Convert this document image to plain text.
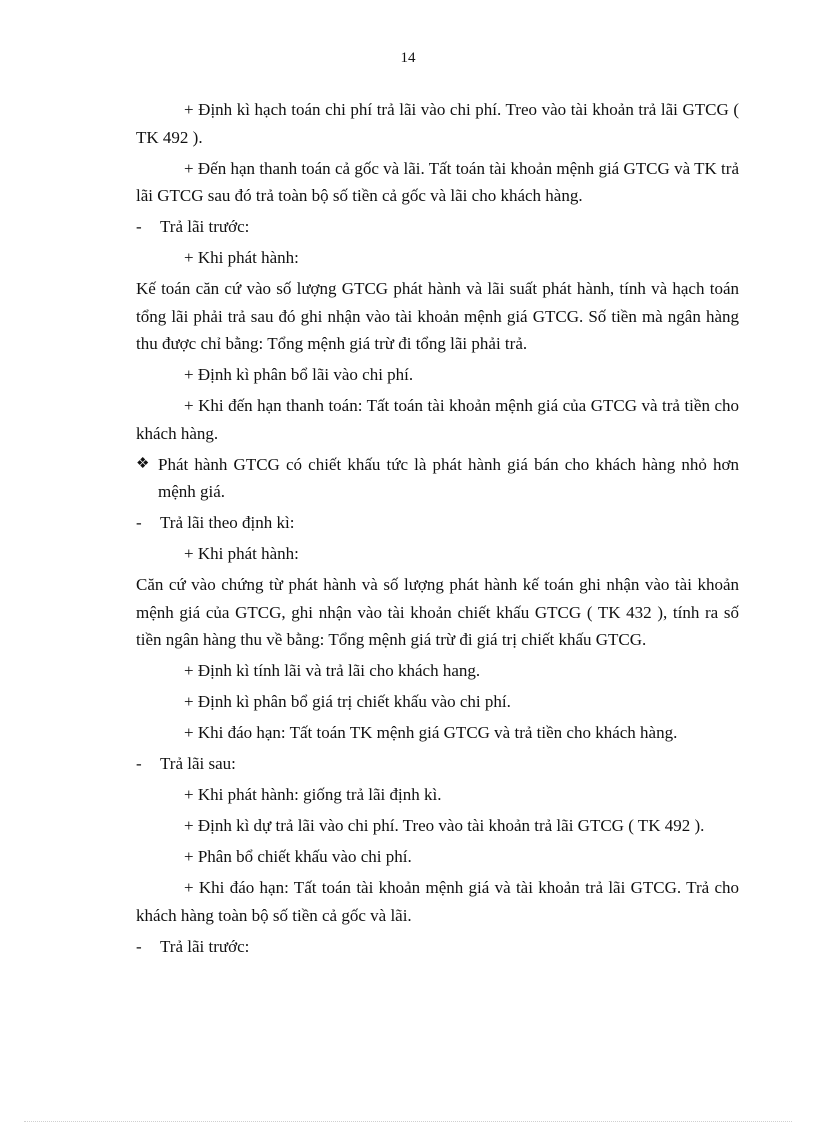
14

+ Định kì hạch toán chi phí trả lãi vào chi phí. Treo vào tài khoản trả lãi GTCG ( TK 492 ).

+ Đến hạn thanh toán cả gốc và lãi. Tất toán tài khoản mệnh giá GTCG và TK trả lãi GTCG sau đó trả toàn bộ số tiền cả gốc và lãi cho khách hàng.

-	Trả lãi trước:

+ Khi phát hành:

Kế toán căn cứ vào số lượng GTCG phát hành và lãi suất phát hành, tính và hạch toán tổng lãi phải trả sau đó ghi nhận vào tài khoản mệnh giá GTCG. Số tiền mà ngân hàng thu được chỉ bằng: Tổng mệnh giá trừ đi tổng lãi phải trả.

+ Định kì phân bổ lãi vào chi phí.

+ Khi đến hạn thanh toán: Tất toán tài khoản mệnh giá của GTCG và trả tiền cho khách hàng.

❖ Phát hành GTCG có chiết khấu tức là phát hành giá bán cho khách hàng nhỏ hơn mệnh giá.
-	Trả lãi theo định kì:

+ Khi phát hành:

Căn cứ vào chứng từ phát hành và số lượng phát hành kế toán ghi nhận vào tài khoản mệnh giá của GTCG, ghi nhận vào tài khoản chiết khấu GTCG ( TK 432 ), tính ra số tiền ngân hàng thu về bằng: Tổng mệnh giá trừ đi giá trị chiết khấu GTCG.

+ Định kì tính lãi và trả lãi cho khách hang.

+ Định kì phân bổ giá trị chiết khấu vào chi phí.

+ Khi đáo hạn: Tất toán TK mệnh giá GTCG và trả tiền cho khách hàng.

-	Trả lãi sau:

+ Khi phát hành: giống trả lãi định kì.

+ Định kì dự trả lãi vào chi phí. Treo vào tài khoản trả lãi GTCG ( TK 492 ).

+ Phân bổ chiết khấu vào chi phí.

+ Khi đáo hạn: Tất toán tài khoản mệnh giá và tài khoản trả lãi GTCG. Trả cho khách hàng toàn bộ số tiền cả gốc và lãi.

-	Trả lãi trước:
